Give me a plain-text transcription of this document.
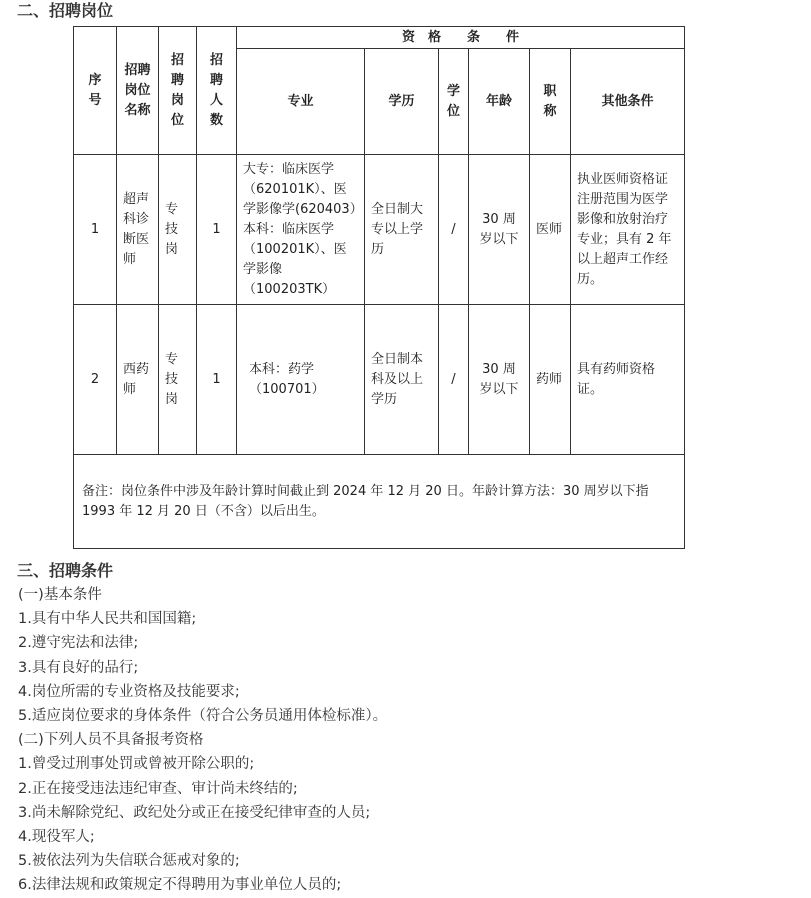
二、招聘岗位
序号	招聘岗位名称	招聘岗位	招聘人数	资　格　　条　　件					
				专业	学历	学位	年龄	职称	其他条件
1	超声科诊断医师	专技岗	1	大专：临床医学（620101K）、医学影像学(620403）本科：临床医学（100201K）、医学影像（100203TK）	全日制大专以上学历	/	30 周岁以下	医师	执业医师资格证注册范围为医学影像和放射治疗专业；具有 2 年以上超声工作经历。
2	西药师	专技岗	1	本科：药学（100701）	全日制本科及以上学历	/	30 周岁以下	药师	具有药师资格证。
备注：岗位条件中涉及年龄计算时间截止到 2024 年 12 月 20 日。年龄计算方法：30 周岁以下指 1993 年 12 月 20 日（不含）以后出生。									
三、招聘条件
(一)基本条件
1.具有中华人民共和国国籍;
2.遵守宪法和法律;
3.具有良好的品行;
4.岗位所需的专业资格及技能要求;
5.适应岗位要求的身体条件（符合公务员通用体检标准）。
(二)下列人员不具备报考资格
1.曾受过刑事处罚或曾被开除公职的;
2.正在接受违法违纪审查、审计尚未终结的;
3.尚未解除党纪、政纪处分或正在接受纪律审查的人员;
4.现役军人;
5.被依法列为失信联合惩戒对象的;
6.法律法规和政策规定不得聘用为事业单位人员的;
